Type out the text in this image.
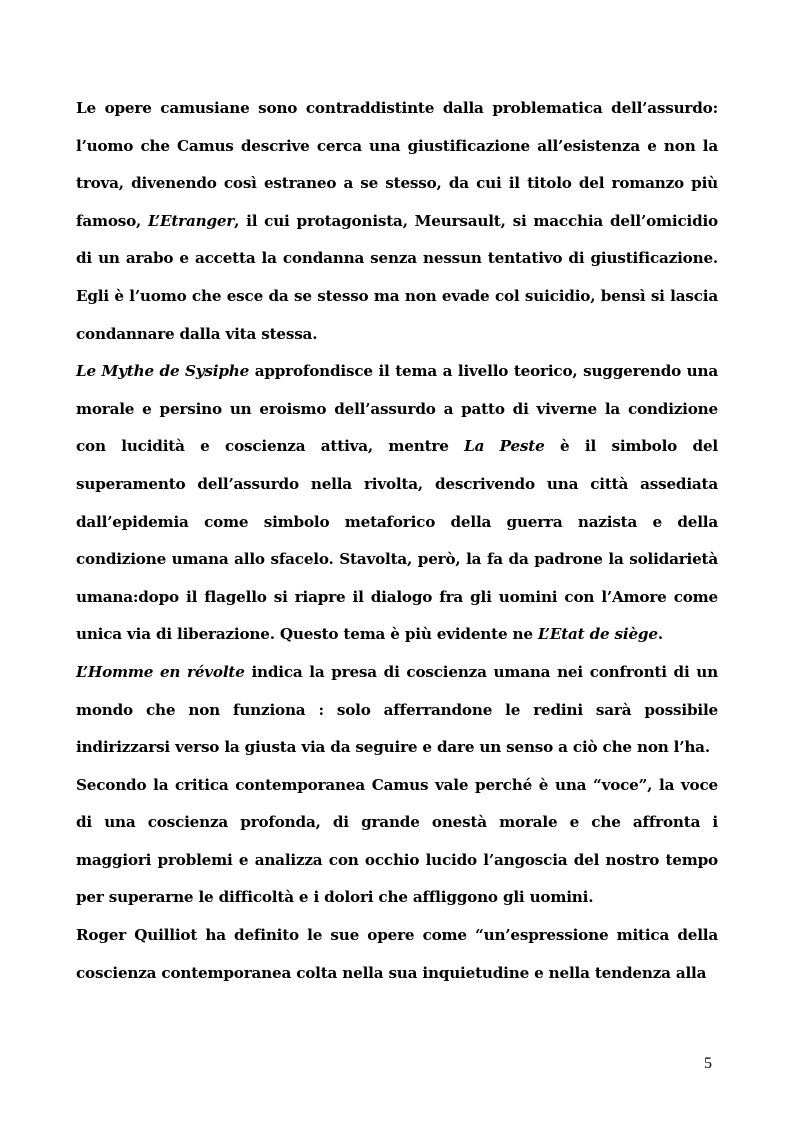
Le opere camusiane sono contraddistinte dalla problematica dell’assurdo: l’uomo che Camus descrive cerca una giustificazione all’esistenza e non la trova, divenendo così estraneo a se stesso, da cui il titolo del romanzo più famoso, L’Etranger, il cui protagonista, Meursault, si macchia dell’omicidio di un arabo e accetta la condanna senza nessun tentativo di giustificazione. Egli è l’uomo che esce da se stesso ma non evade col suicidio, bensì si lascia condannare dalla vita stessa.

Le Mythe de Sysiphe approfondisce il tema a livello teorico, suggerendo una morale e persino un eroismo dell’assurdo a patto di viverne la condizione con lucidità e coscienza attiva, mentre La Peste è il simbolo del superamento dell’assurdo nella rivolta, descrivendo una città assediata dall’epidemia come simbolo metaforico della guerra nazista e della condizione umana allo sfacelo. Stavolta, però, la fa da padrone la solidarietà umana:dopo il flagello si riapre il dialogo fra gli uomini con l’Amore come unica via di liberazione. Questo tema è più evidente ne L’Etat de siège.

L’Homme en révolte indica la presa di coscienza umana nei confronti di un mondo che non funziona : solo afferrandone le redini sarà possibile indirizzarsi verso la giusta via da seguire e dare un senso a ciò che non l’ha.

Secondo la critica contemporanea Camus vale perché è una “voce”, la voce di una coscienza profonda, di grande onestà morale e che affronta i maggiori problemi e analizza con occhio lucido l’angoscia del nostro tempo per superarne le difficoltà e i dolori che affliggono gli uomini.

Roger Quilliot ha definito le sue opere come “un’espressione mitica della coscienza contemporanea colta nella sua inquietudine e nella tendenza alla

5
